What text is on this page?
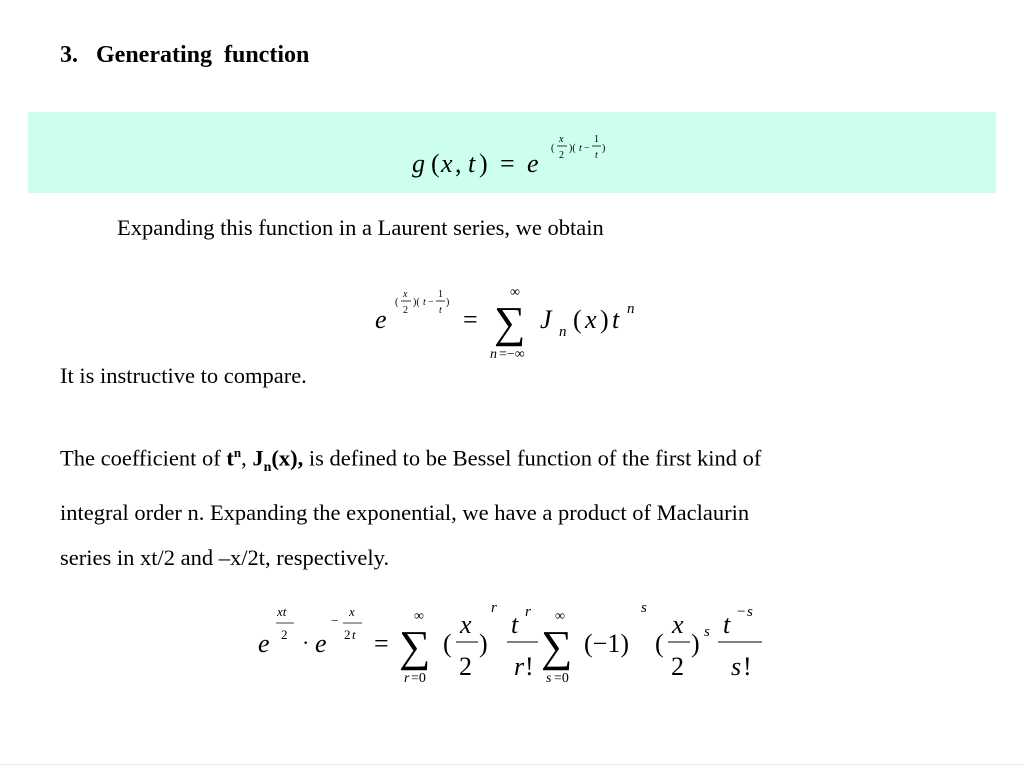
3. Generating  function
g ( x , t ) = e
(
x
2
)( t −
1
t
)
Expanding this function in a Laurent series, we obtain
(
x
2
)( t −
1
t
)
e	=
∞
∑
n =−∞
J n ( x ) t n
It is instructive to compare.
The coefficient of $t^n$, $J_n(x)$, is defined to be Bessel function of the first kind of
integral order n. Expanding the exponential, we have a product of Maclaurin
series in xt/2 and –x/2t, respectively.
e
xt
2 · e
−
x
2 t =
∞
∑
r =0
(
x
2
)
r
t r
r !
∞
∑
s =0
(−1)
s
(
x
2
) s t − s
s !
